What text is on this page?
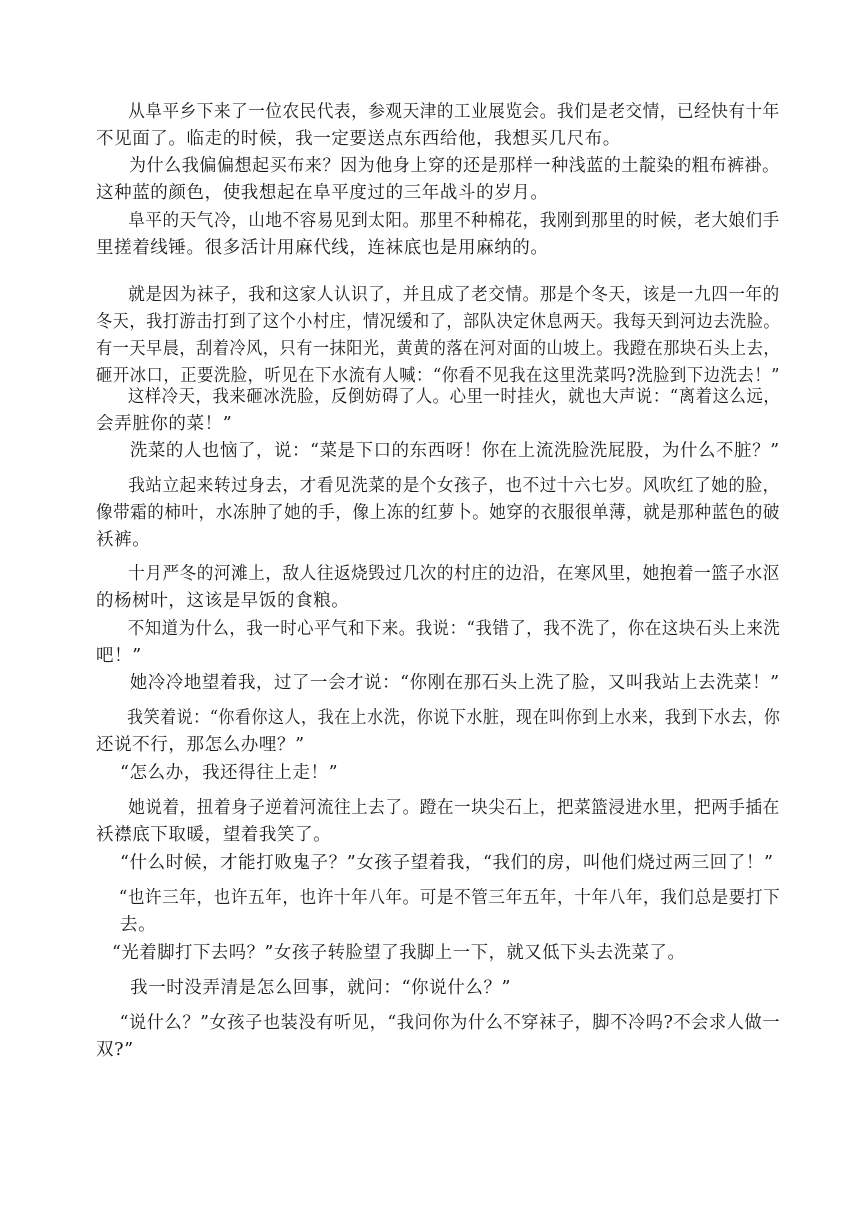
从阜平乡下来了一位农民代表，参观天津的工业展览会。我们是老交情，已经快有十年
不见面了。临走的时候，我一定要送点东西给他，我想买几尺布。
为什么我偏偏想起买布来？因为他身上穿的还是那样一种浅蓝的土靛染的粗布裤褂。
这种蓝的颜色，使我想起在阜平度过的三年战斗的岁月。
阜平的天气冷，山地不容易见到太阳。那里不种棉花，我刚到那里的时候，老大娘们手
里搓着线锤。很多活计用麻代线，连袜底也是用麻纳的。
就是因为袜子，我和这家人认识了，并且成了老交情。那是个冬天，该是一九四一年的
冬天，我打游击打到了这个小村庄，情况缓和了，部队决定休息两天。我每天到河边去洗脸。
有一天早晨，刮着冷风，只有一抹阳光，黄黄的落在河对面的山坡上。我蹬在那块石头上去，
砸开冰口，正要洗脸，听见在下水流有人喊：“你看不见我在这里洗菜吗?洗脸到下边洗去！”
这样冷天，我来砸冰洗脸，反倒妨碍了人。心里一时挂火，就也大声说：“离着这么远，
会弄脏你的菜！”
洗菜的人也恼了，说：“菜是下口的东西呀！你在上流洗脸洗屁股，为什么不脏？”
我站立起来转过身去，才看见洗菜的是个女孩子，也不过十六七岁。风吹红了她的脸，
像带霜的柿叶，水冻肿了她的手，像上冻的红萝卜。她穿的衣服很单薄，就是那种蓝色的破
袄裤。
十月严冬的河滩上，敌人往返烧毁过几次的村庄的边沿，在寒风里，她抱着一篮子水沤
的杨树叶，这该是早饭的食粮。
不知道为什么，我一时心平气和下来。我说：“我错了，我不洗了，你在这块石头上来洗
吧！”
她冷冷地望着我，过了一会才说：“你刚在那石头上洗了脸，又叫我站上去洗菜！”
我笑着说：“你看你这人，我在上水洗，你说下水脏，现在叫你到上水来，我到下水去，你
还说不行，那怎么办哩？”
“怎么办，我还得往上走！”
她说着，扭着身子逆着河流往上去了。蹬在一块尖石上，把菜篮浸进水里，把两手插在
袄襟底下取暖，望着我笑了。
“什么时候，才能打败鬼子？”女孩子望着我，“我们的房，叫他们烧过两三回了！”
“也许三年，也许五年，也许十年八年。可是不管三年五年，十年八年，我们总是要打下
去。
“光着脚打下去吗？”女孩子转脸望了我脚上一下，就又低下头去洗菜了。
我一时没弄清是怎么回事，就问：“你说什么？”
“说什么？”女孩子也装没有听见，“我问你为什么不穿袜子，脚不冷吗?不会求人做一
双?”
